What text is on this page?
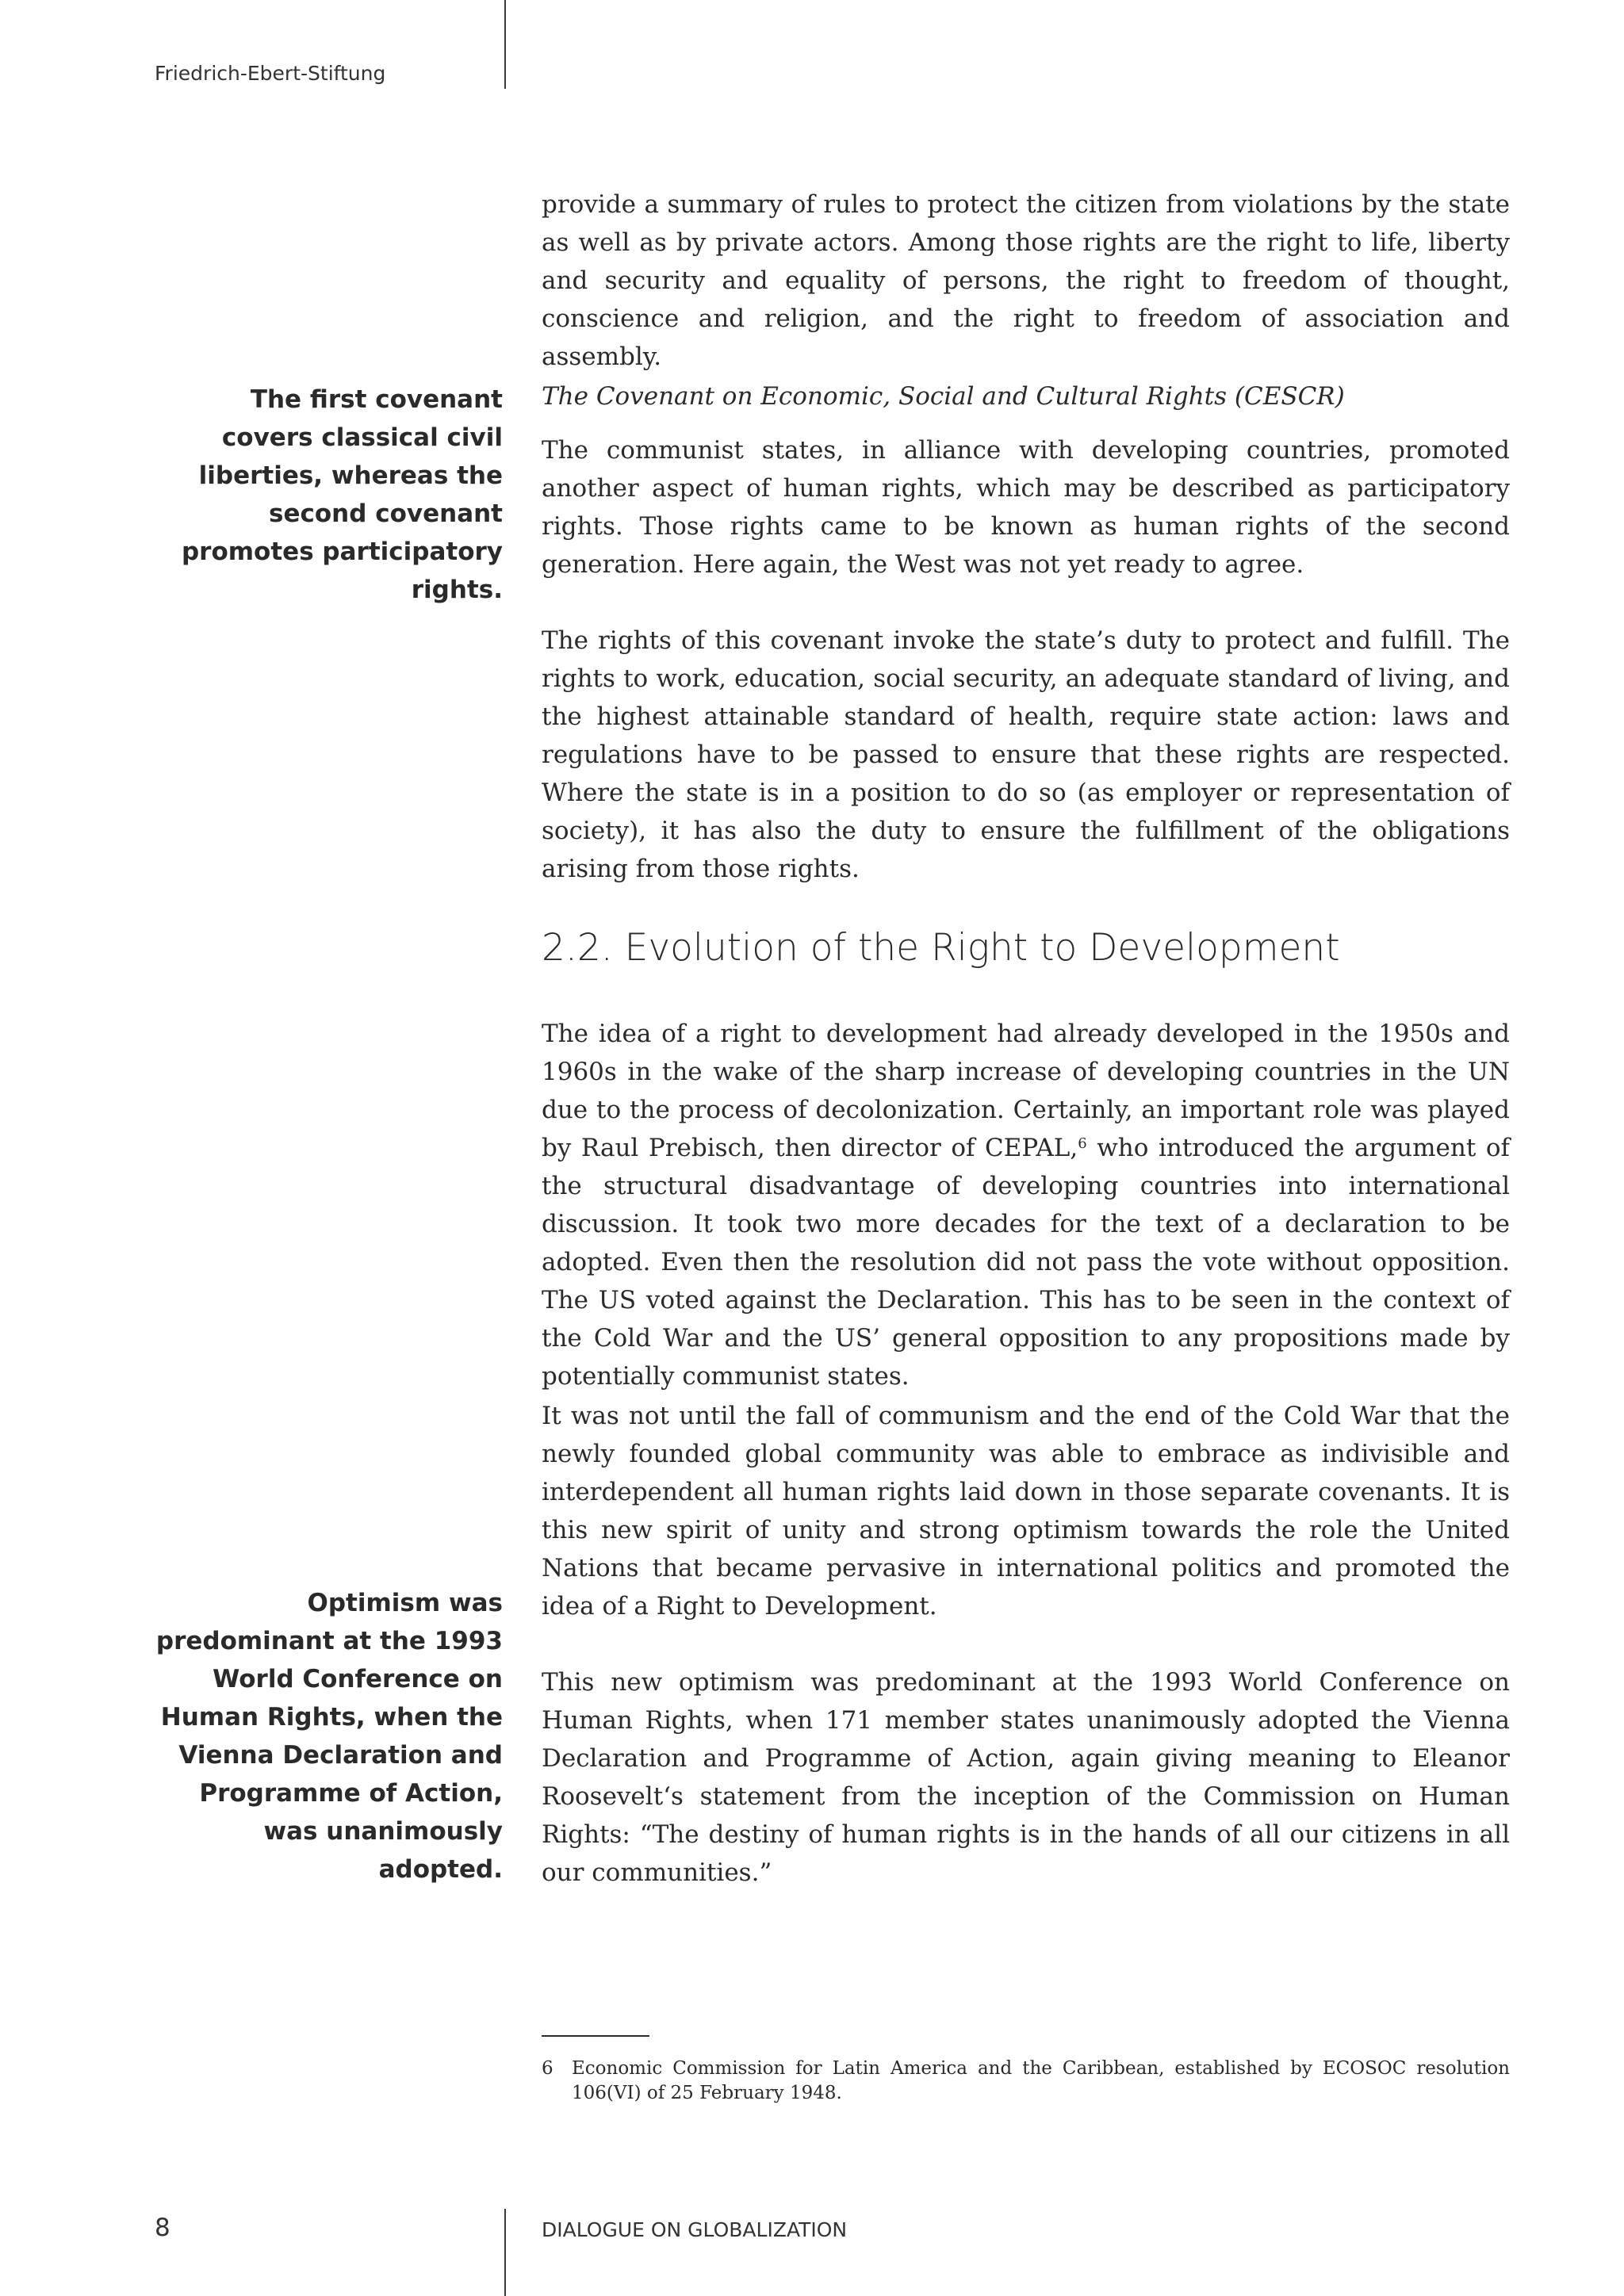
Friedrich-Ebert-Stiftung

provide a summary of rules to protect the citizen from violations by the state as well as by private actors. Among those rights are the right to life, liberty and security and equality of persons, the right to freedom of thought, conscience and religion, and the right to freedom of association and assembly.

The first covenant covers classical civil liberties, whereas the second covenant promotes participatory rights.

The Covenant on Economic, Social and Cultural Rights (CESCR)

The communist states, in alliance with developing countries, promoted another aspect of human rights, which may be described as participatory rights. Those rights came to be known as human rights of the second generation. Here again, the West was not yet ready to agree.

The rights of this covenant invoke the state’s duty to protect and fulfill. The rights to work, education, social security, an adequate standard of living, and the highest attainable standard of health, require state action: laws and regulations have to be passed to ensure that these rights are respected. Where the state is in a position to do so (as employer or representation of society), it has also the duty to ensure the fulfillment of the obligations arising from those rights.

2.2. Evolution of the Right to Development

The idea of a right to development had already developed in the 1950s and 1960s in the wake of the sharp increase of developing countries in the UN due to the process of decolonization. Certainly, an important role was played by Raul Prebisch, then director of CEPAL,$^6$ who introduced the argument of the structural disadvantage of developing countries into international discussion. It took two more decades for the text of a declaration to be adopted. Even then the resolution did not pass the vote without opposition. The US voted against the Declaration. This has to be seen in the context of the Cold War and the US’ general opposition to any propositions made by potentially communist states.

It was not until the fall of communism and the end of the Cold War that the newly founded global community was able to embrace as indivisible and interdependent all human rights laid down in those separate covenants. It is this new spirit of unity and strong optimism towards the role the United Nations that became pervasive in international politics and promoted the idea of a Right to Development.

Optimism was predominant at the 1993 World Conference on Human Rights, when the Vienna Declaration and Programme of Action, was unanimously adopted.

This new optimism was predominant at the 1993 World Conference on Human Rights, when 171 member states unanimously adopted the Vienna Declaration and Programme of Action, again giving meaning to Eleanor Roosevelt‘s statement from the inception of the Commission on Human Rights: “The destiny of human rights is in the hands of all our citizens in all our communities.”

6 Economic Commission for Latin America and the Caribbean, established by ECOSOC resolution 106(VI) of 25 February 1948.
8	DIALOGUE ON GLOBALIZATION
